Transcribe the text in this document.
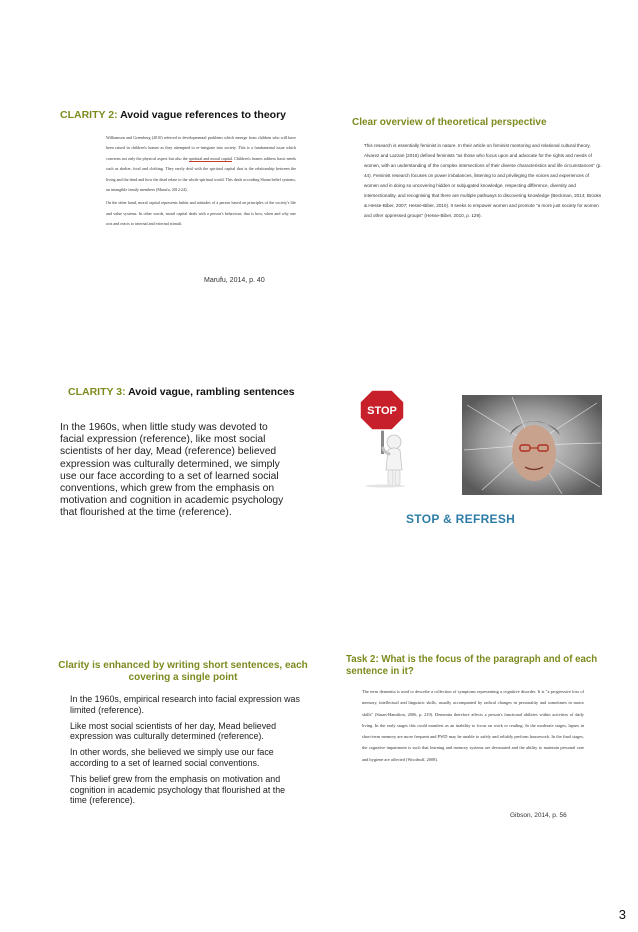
CLARITY 2: Avoid vague references to theory

Williamson and Greenberg (2010) referred to developmental problems which emerge from children who will have been raised in children's homes as they attempted to re-integrate into society. This is a fundamental issue which concerns not only the physical aspect but also the spiritual and moral capital. Children's homes address basic needs such as shelter, food and clothing. They rarely deal with the spiritual capital that is the relationship between the living and the dead and how the dead relate to the whole spiritual world. This deals according Shona belief systems, an intangible family members (Marufu, 2012:24).

On the other hand, moral capital represents habits and attitudes of a person based on principles of the society's life and value systems. In other words, moral capital deals with a person's behaviour; that is how, when and why one acts and reacts to internal and external stimuli.

Marufu, 2014, p. 40
Clear overview of theoretical perspective
This research is essentially feminist in nature. In their article on feminist mentoring and relational cultural theory, Alvarez and Lazzari (2016) defined feminists "as those who focus upon and advocate for the rights and needs of women, with an understanding of the complex intersections of their diverse characteristics and life circumstances" (p. 44). Feminist research focuses on power imbalances, listening to and privileging the voices and experiences of women and in doing so uncovering hidden or subjugated knowledge, respecting difference, diversity and intersectionality, and recognising that there are multiple pathways to discovering knowledge (Beckman, 2014; Brooks & Hesse-Biber, 2007; Hesse-Biber, 2010). It seeks to empower women and promote "a more just society for women and other oppressed groups" (Hesse-Biber, 2010, p. 129).
CLARITY 3: Avoid vague, rambling sentences
In the 1960s, when little study was devoted to facial expression (reference), like most social scientists of her day, Mead (reference) believed expression was culturally determined, we simply use our face according to a set of learned social conventions, which grew from the emphasis on motivation and cognition in academic psychology that flourished at the time (reference).
STOP
STOP & REFRESH
Clarity is enhanced by writing short sentences, each covering a single point

In the 1960s, empirical research into facial expression was limited (reference).

Like most social scientists of her day, Mead believed expression was culturally determined (reference).

In other words, she believed we simply use our face according to a set of learned social conventions.

This belief grew from the emphasis on motivation and cognition in academic psychology that flourished at the time (reference).

Task 2: What is the focus of the paragraph and of each sentence in it?
The term dementia is used to describe a collection of symptoms representing a cognitive disorder. It is "a progressive loss of memory, intellectual and linguistic skills, usually accompanied by radical changes in personality and sometimes in motor skills" (Stuart-Hamilton, 2006, p. 219). Dementia therefore affects a person's functional abilities within activities of daily living. In the early stages this could manifest as an inability to focus on work or reading. In the moderate stages, lapses in short-term memory are more frequent and PWD may be unable to safely and reliably perform housework. In the final stages, the cognitive impairment is such that learning and memory systems are devastated and the ability to maintain personal care and hygiene are affected (Woodruff, 2008).
Gibson, 2014, p. 56
3
